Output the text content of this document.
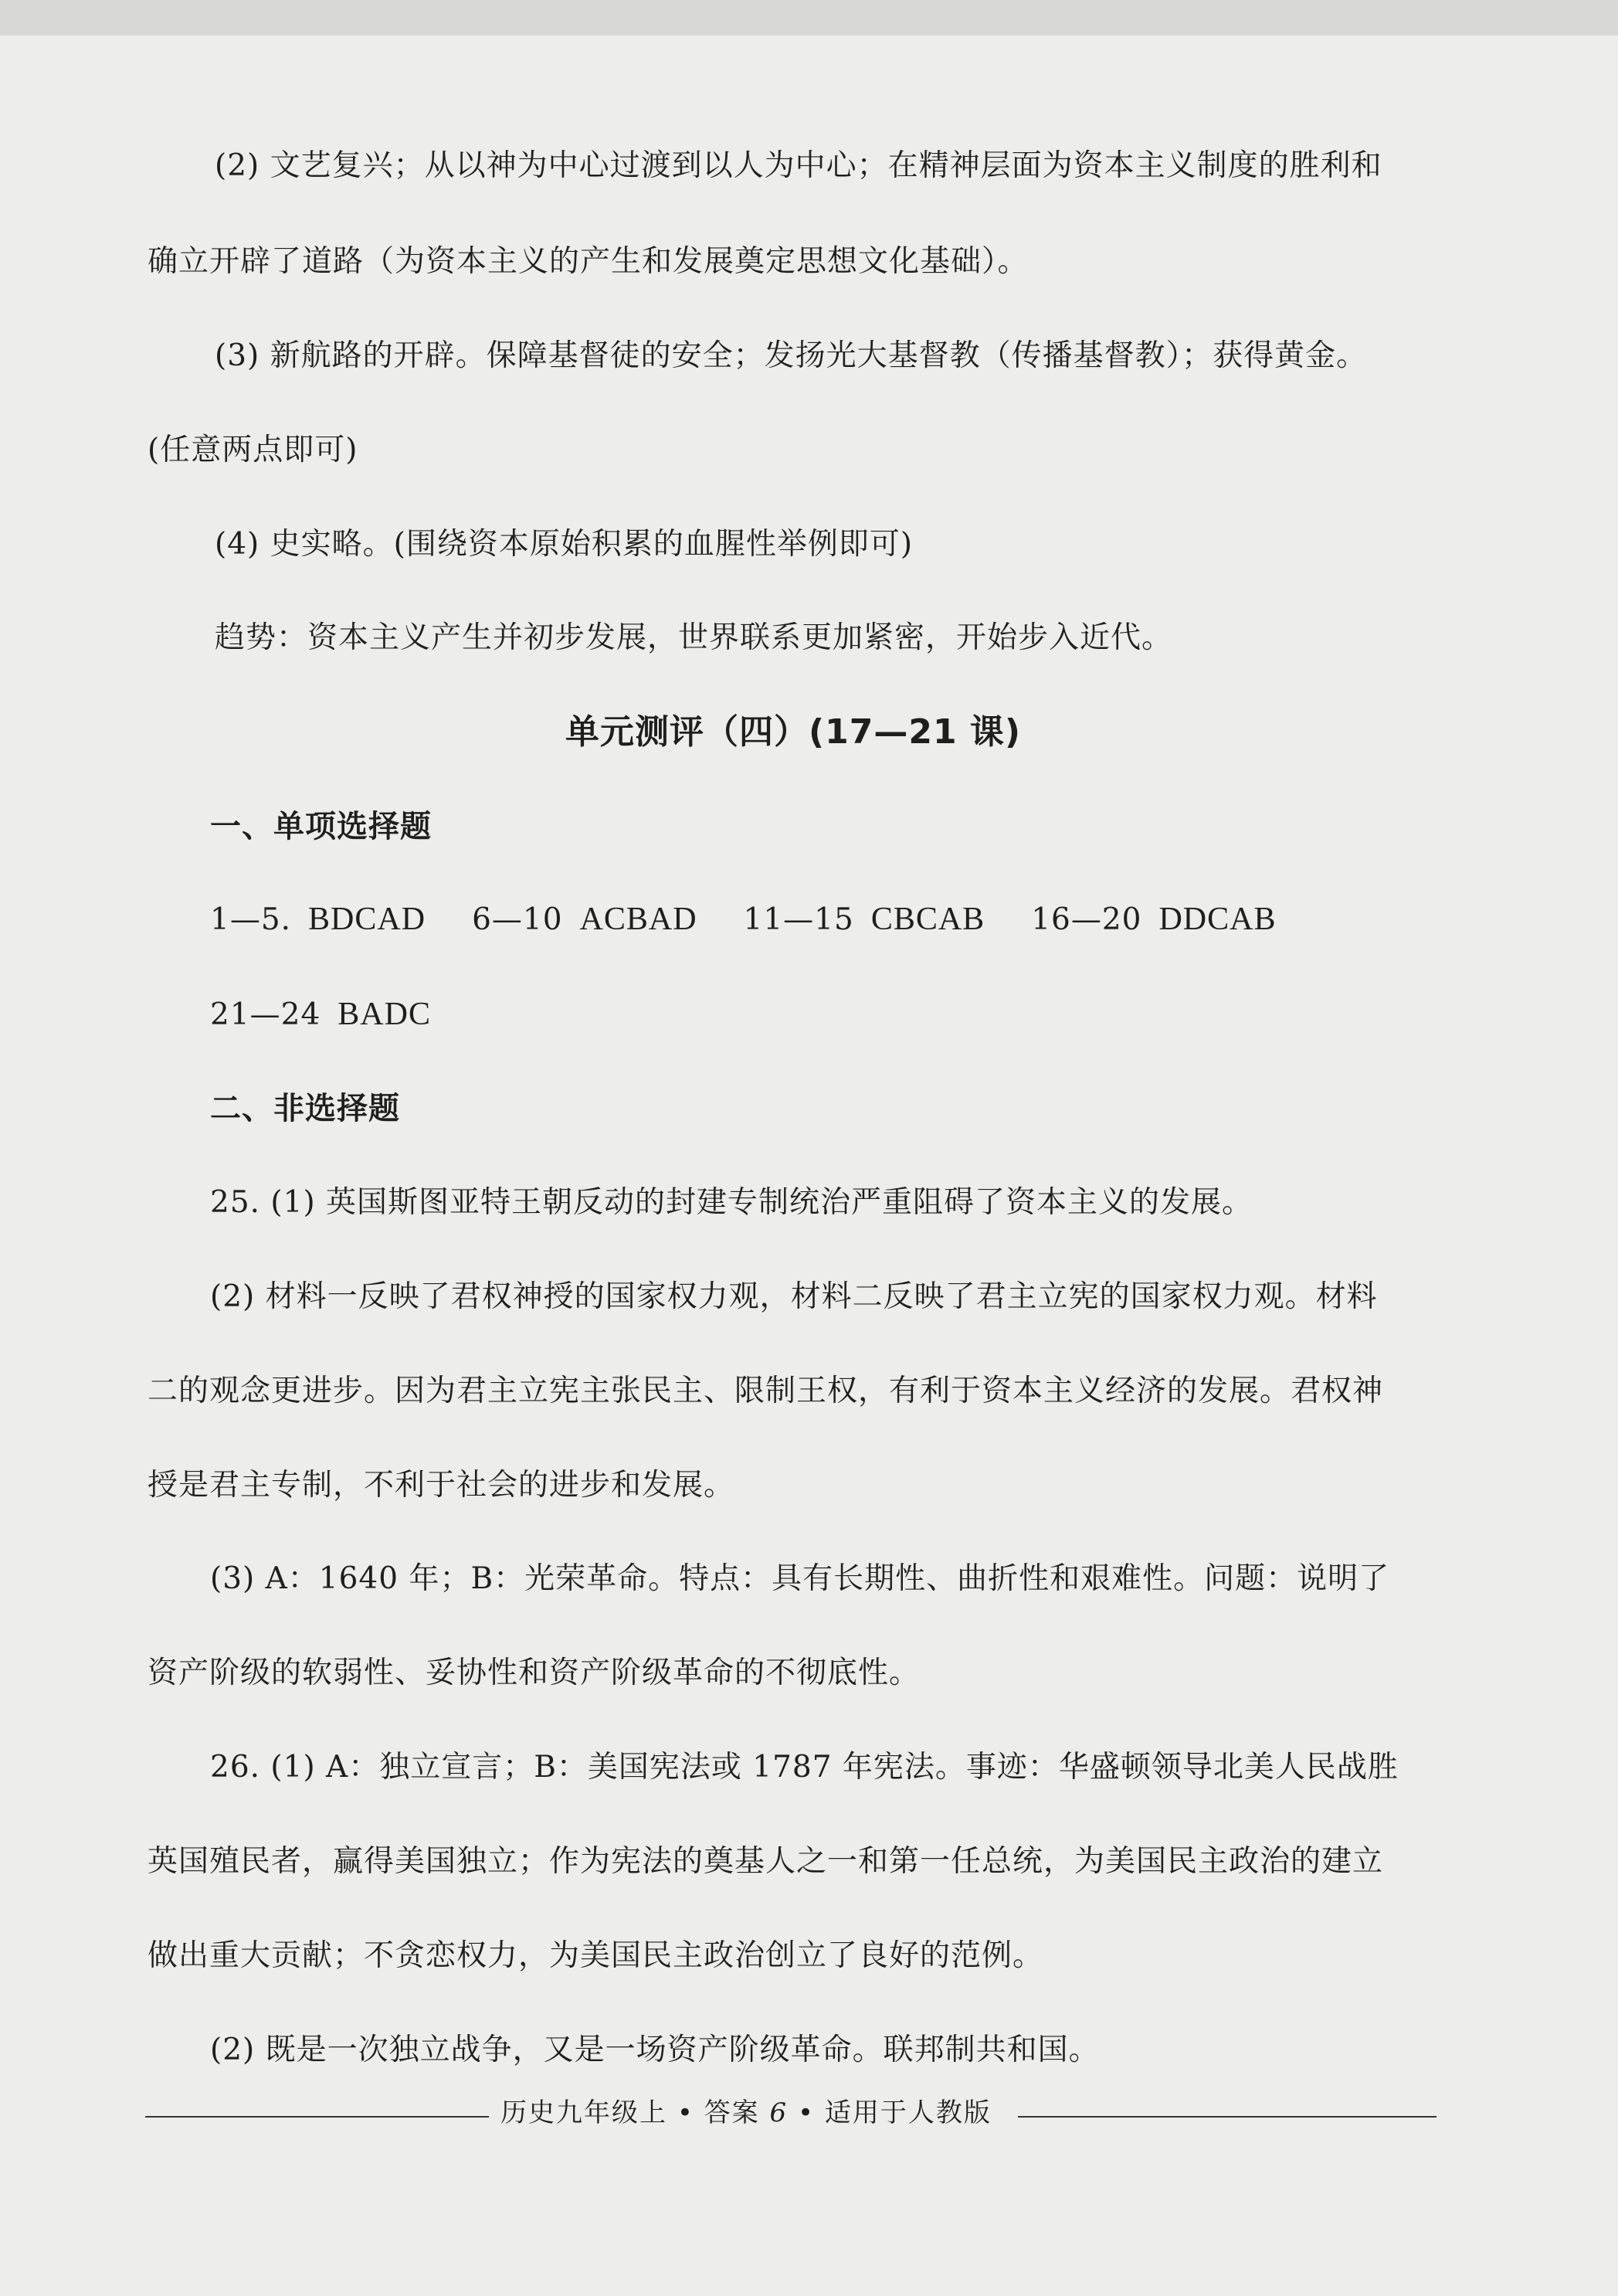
(2) 文艺复兴；从以神为中心过渡到以人为中心；在精神层面为资本主义制度的胜利和
确立开辟了道路（为资本主义的产生和发展奠定思想文化基础）。
(3) 新航路的开辟。保障基督徒的安全；发扬光大基督教（传播基督教）；获得黄金。
(任意两点即可)
(4) 史实略。(围绕资本原始积累的血腥性举例即可)
趋势：资本主义产生并初步发展，世界联系更加紧密，开始步入近代。
单元测评（四）(17—21 课)
一、单项选择题
1—5. BDCAD 6—10 ACBAD 11—15 CBCAB 16—20 DDCAB
21—24 BADC
二、非选择题
25. (1) 英国斯图亚特王朝反动的封建专制统治严重阻碍了资本主义的发展。
(2) 材料一反映了君权神授的国家权力观，材料二反映了君主立宪的国家权力观。材料
二的观念更进步。因为君主立宪主张民主、限制王权，有利于资本主义经济的发展。君权神
授是君主专制，不利于社会的进步和发展。
(3) A：1640 年；B：光荣革命。特点：具有长期性、曲折性和艰难性。问题：说明了
资产阶级的软弱性、妥协性和资产阶级革命的不彻底性。
26. (1) A：独立宣言；B：美国宪法或 1787 年宪法。事迹：华盛顿领导北美人民战胜
英国殖民者，赢得美国独立；作为宪法的奠基人之一和第一任总统，为美国民主政治的建立
做出重大贡献；不贪恋权力，为美国民主政治创立了良好的范例。
(2) 既是一次独立战争，又是一场资产阶级革命。联邦制共和国。
历史九年级上 • 答案 6 • 适用于人教版
